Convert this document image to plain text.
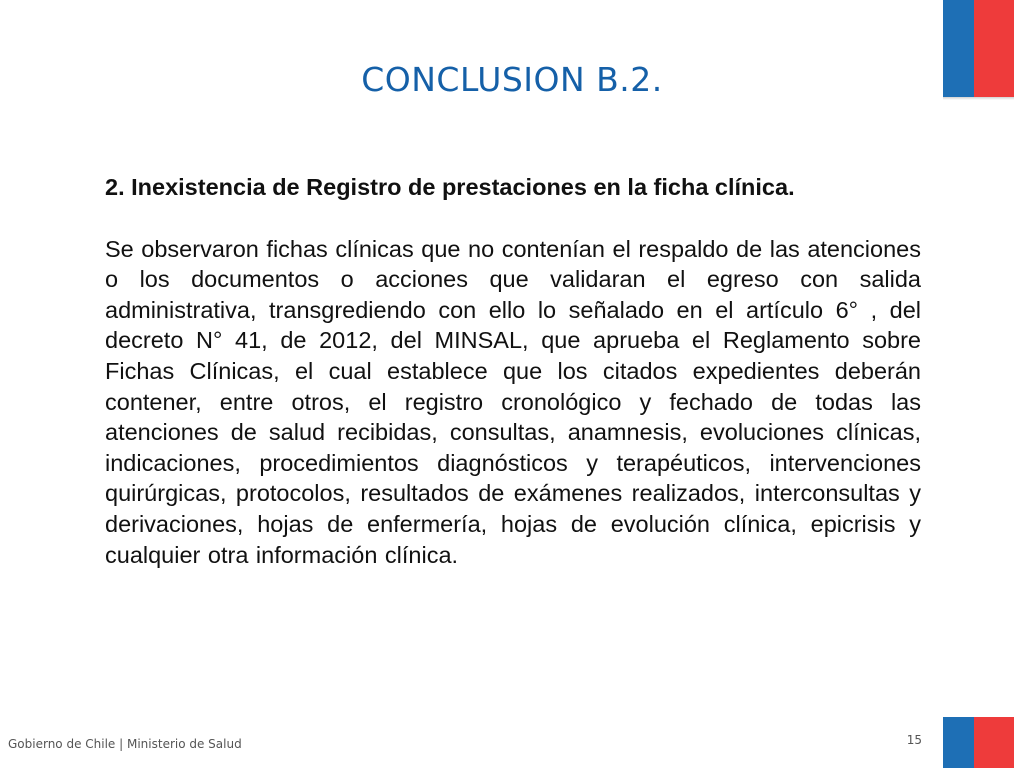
CONCLUSION B.2.

2. Inexistencia de Registro de prestaciones en la ficha clínica.

Se observaron fichas clínicas que no contenían el respaldo de las atenciones o los documentos o acciones que validaran el egreso con salida administrativa, transgrediendo con ello lo señalado en el artículo 6° , del decreto N° 41, de 2012, del MINSAL, que aprueba el Reglamento sobre Fichas Clínicas, el cual establece que los citados expedientes deberán contener, entre otros, el registro cronológico y fechado de todas las atenciones de salud recibidas, consultas, anamnesis, evoluciones clínicas, indicaciones, procedimientos diagnósticos y terapéuticos, intervenciones quirúrgicas, protocolos, resultados de exámenes realizados, interconsultas y derivaciones, hojas de enfermería, hojas de evolución clínica, epicrisis y cualquier otra información clínica.

Gobierno de Chile | Ministerio de Salud	15
